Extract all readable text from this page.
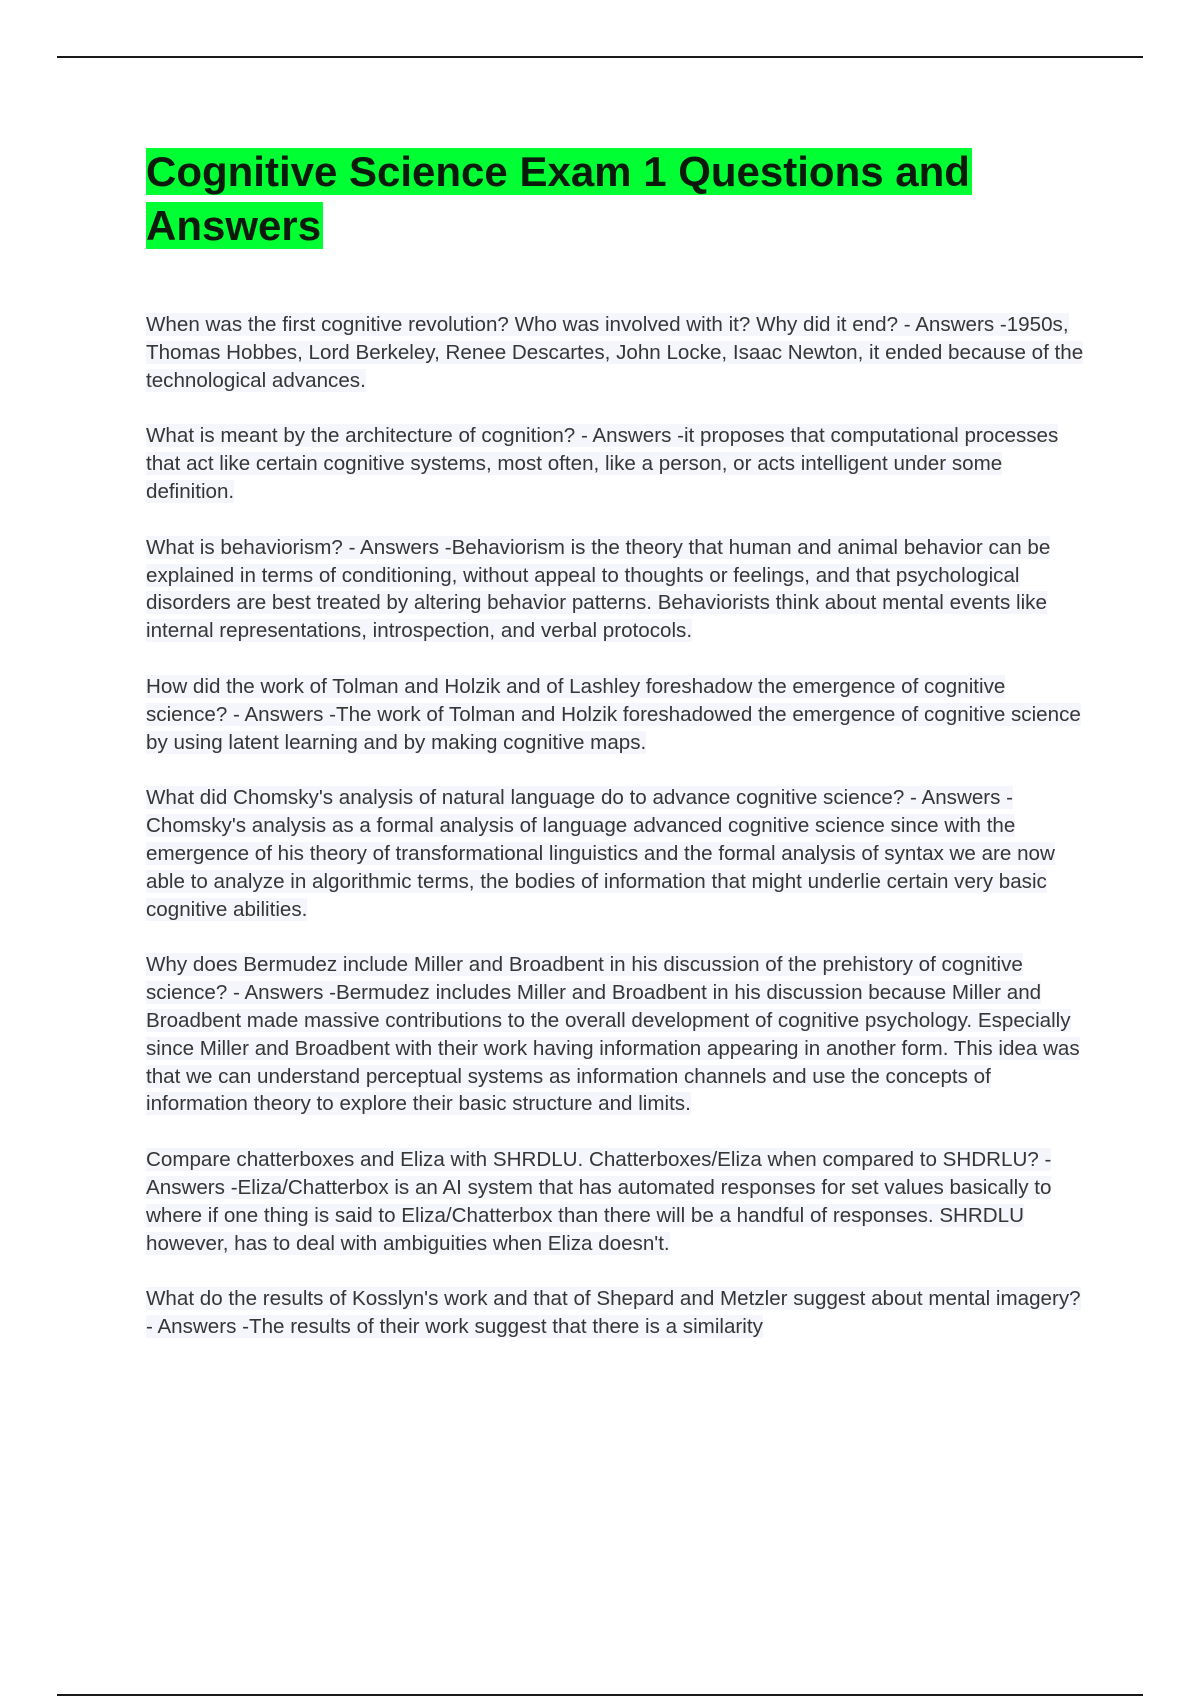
Cognitive Science Exam 1 Questions and Answers

When was the first cognitive revolution? Who was involved with it? Why did it end? - Answers -1950s, Thomas Hobbes, Lord Berkeley, Renee Descartes, John Locke, Isaac Newton, it ended because of the technological advances.

What is meant by the architecture of cognition? - Answers -it proposes that computational processes that act like certain cognitive systems, most often, like a person, or acts intelligent under some definition.

What is behaviorism? - Answers -Behaviorism is the theory that human and animal behavior can be explained in terms of conditioning, without appeal to thoughts or feelings, and that psychological disorders are best treated by altering behavior patterns. Behaviorists think about mental events like internal representations, introspection, and verbal protocols.

How did the work of Tolman and Holzik and of Lashley foreshadow the emergence of cognitive science? - Answers -The work of Tolman and Holzik foreshadowed the emergence of cognitive science by using latent learning and by making cognitive maps.

What did Chomsky's analysis of natural language do to advance cognitive science? - Answers -Chomsky's analysis as a formal analysis of language advanced cognitive science since with the emergence of his theory of transformational linguistics and the formal analysis of syntax we are now able to analyze in algorithmic terms, the bodies of information that might underlie certain very basic cognitive abilities.

Why does Bermudez include Miller and Broadbent in his discussion of the prehistory of cognitive science? - Answers -Bermudez includes Miller and Broadbent in his discussion because Miller and Broadbent made massive contributions to the overall development of cognitive psychology. Especially since Miller and Broadbent with their work having information appearing in another form. This idea was that we can understand perceptual systems as information channels and use the concepts of information theory to explore their basic structure and limits.

Compare chatterboxes and Eliza with SHRDLU. Chatterboxes/Eliza when compared to SHDRLU? - Answers -Eliza/Chatterbox is an AI system that has automated responses for set values basically to where if one thing is said to Eliza/Chatterbox than there will be a handful of responses. SHRDLU however, has to deal with ambiguities when Eliza doesn't.

What do the results of Kosslyn's work and that of Shepard and Metzler suggest about mental imagery? - Answers -The results of their work suggest that there is a similarity
